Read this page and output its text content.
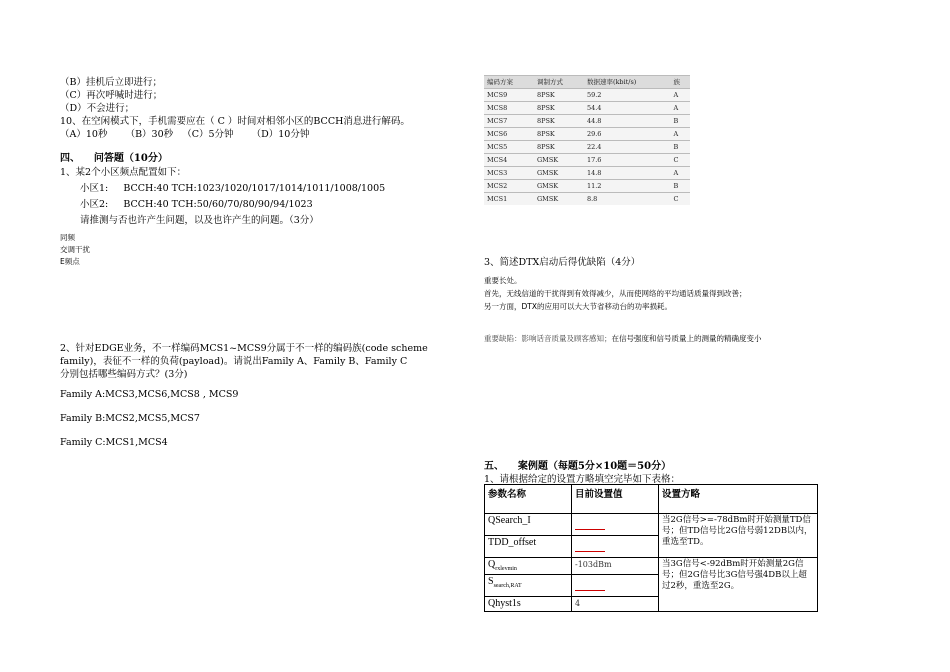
（B）挂机后立即进行；
（C）再次呼喊时进行；
（D）不会进行；
10、在空闲模式下，手机需要应在（ C ）时间对相邻小区的BCCH消息进行解码。
（A）10秒      （B）30秒   （C）5分钟      （D）10分钟
四、    问答题（10分）
1、某2个小区频点配置如下：
小区1:     BCCH:40 TCH:1023/1020/1017/1014/1011/1008/1005
小区2:     BCCH:40 TCH:50/60/70/80/90/94/1023
请推测与否也许产生问题，以及也许产生的问题。（3分）
同频
交调干扰
E频点
2、针对EDGE业务，不一样编码MCS1~MCS9分属于不一样的编码族(code scheme
family)，表征不一样的负荷(payload)。请说出Family A、Family B、Family C
分别包括哪些编码方式？(3分)
Family A:MCS3,MCS6,MCS8 , MCS9
Family B:MCS2,MCS5,MCS7
Family C:MCS1,MCS4
编码方案	调制方式	数据速率(kbit/s)	族
MCS9	8PSK	59.2	A
MCS8	8PSK	54.4	A
MCS7	8PSK	44.8	B
MCS6	8PSK	29.6	A
MCS5	8PSK	22.4	B
MCS4	GMSK	17.6	C
MCS3	GMSK	14.8	A
MCS2	GMSK	11.2	B
MCS1	GMSK	8.8	C
3、简述DTX启动后得优缺陷（4分）
重要长处。
首先，无线信道的干扰得到有效得减少，从而使网络的平均通话质量得到改善；
另一方面，DTX的应用可以大大节省移动台的功率损耗。
重要缺陷：影响话音质量及顾客感知；在信号强度和信号质量上的测量的精确度变小
五、    案例题（每题5分×10题＝50分）
1、请根据给定的设置方略填空完毕如下表格：
参数名称	目前设置值	设置方略
QSearch_I		当2G信号>=-78dBm时开始测量TD信号；但TD信号比2G信号弱12DB以内，重选至TD。
TDD_offset		
$Q_{rxlevmin}$	-103dBm	当3G信号<-92dBm时开始测量2G信号；但2G信号比3G信号强4DB以上超过2秒，重选至2G。
$S_{search,RAT}$	
Qhyst1s	4	
